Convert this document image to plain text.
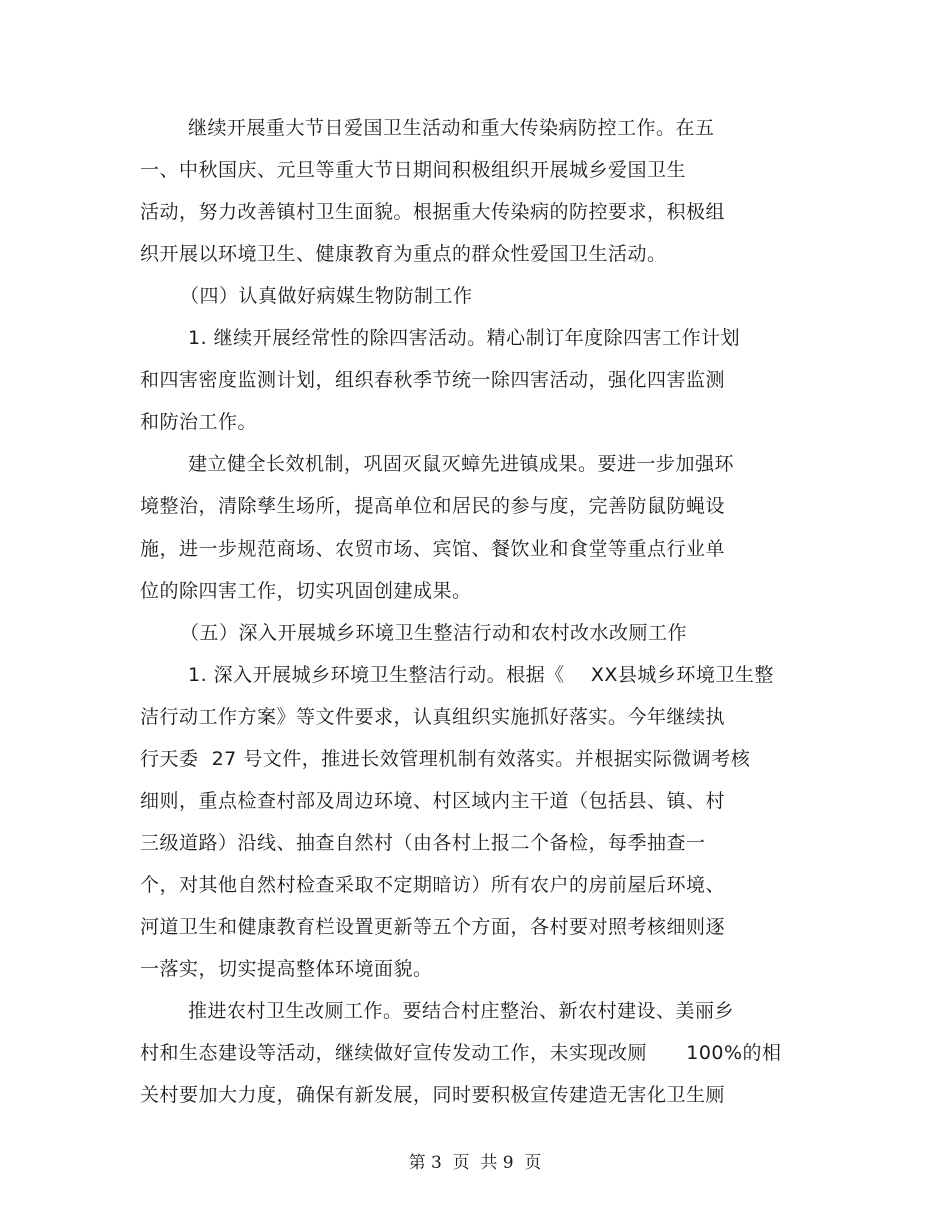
继续开展重大节日爱国卫生活动和重大传染病防控工作。在五
一、中秋国庆、元旦等重大节日期间积极组织开展城乡爱国卫生
活动，努力改善镇村卫生面貌。根据重大传染病的防控要求，积极组
织开展以环境卫生、健康教育为重点的群众性爱国卫生活动。
（四）认真做好病媒生物防制工作
1. 继续开展经常性的除四害活动。精心制订年度除四害工作计划
和四害密度监测计划，组织春秋季节统一除四害活动，强化四害监测
和防治工作。
建立健全长效机制，巩固灭鼠灭蟑先进镇成果。要进一步加强环
境整治，清除孳生场所，提高单位和居民的参与度，完善防鼠防蝇设
施，进一步规范商场、农贸市场、宾馆、餐饮业和食堂等重点行业单
位的除四害工作，切实巩固创建成果。
（五）深入开展城乡环境卫生整洁行动和农村改水改厕工作
1. 深入开展城乡环境卫生整洁行动。根据《    XX县城乡环境卫生整
洁行动工作方案》等文件要求，认真组织实施抓好落实。今年继续执
行天委  27 号文件，推进长效管理机制有效落实。并根据实际微调考核
细则，重点检查村部及周边环境、村区域内主干道（包括县、镇、村
三级道路）沿线、抽查自然村（由各村上报二个备检，每季抽查一
个，对其他自然村检查采取不定期暗访）所有农户的房前屋后环境、
河道卫生和健康教育栏设置更新等五个方面，各村要对照考核细则逐
一落实，切实提高整体环境面貌。
推进农村卫生改厕工作。要结合村庄整治、新农村建设、美丽乡
村和生态建设等活动，继续做好宣传发动工作，未实现改厕      100%的相
关村要加大力度，确保有新发展，同时要积极宣传建造无害化卫生厕
第 3  页  共 9  页
